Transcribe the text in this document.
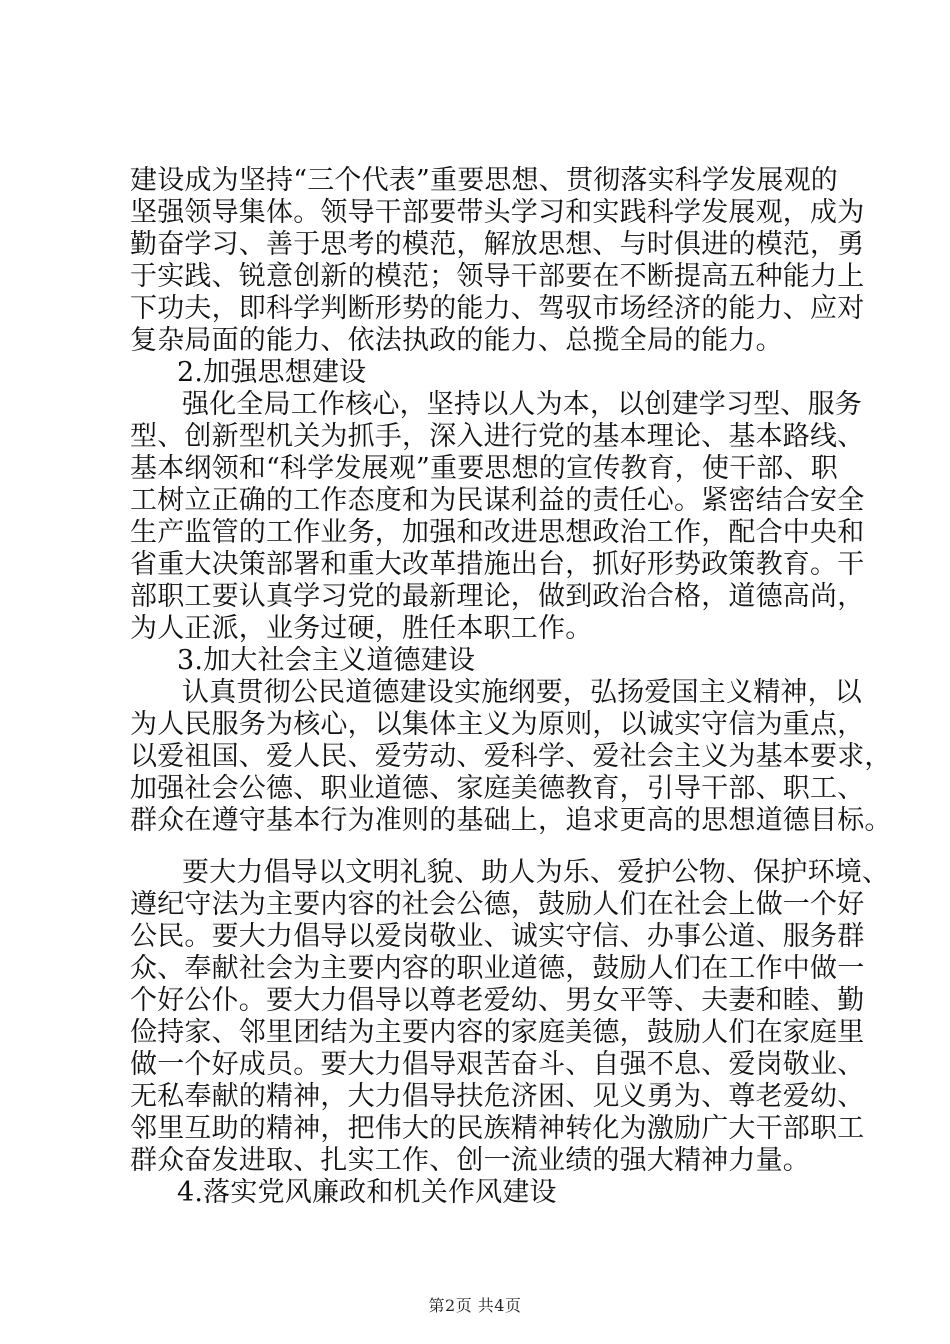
建设成为坚持“三个代表”重要思想、贯彻落实科学发展观的
坚强领导集体。领导干部要带头学习和实践科学发展观，成为
勤奋学习、善于思考的模范，解放思想、与时俱进的模范，勇
于实践、锐意创新的模范；领导干部要在不断提高五种能力上
下功夫，即科学判断形势的能力、驾驭市场经济的能力、应对
复杂局面的能力、依法执政的能力、总揽全局的能力。
2.加强思想建设
强化全局工作核心，坚持以人为本，以创建学习型、服务
型、创新型机关为抓手，深入进行党的基本理论、基本路线、
基本纲领和“科学发展观”重要思想的宣传教育，使干部、职
工树立正确的工作态度和为民谋利益的责任心。紧密结合安全
生产监管的工作业务，加强和改进思想政治工作，配合中央和
省重大决策部署和重大改革措施出台，抓好形势政策教育。干
部职工要认真学习党的最新理论，做到政治合格，道德高尚，
为人正派，业务过硬，胜任本职工作。
3.加大社会主义道德建设
认真贯彻公民道德建设实施纲要，弘扬爱国主义精神，以
为人民服务为核心，以集体主义为原则，以诚实守信为重点，
以爱祖国、爱人民、爱劳动、爱科学、爱社会主义为基本要求，
加强社会公德、职业道德、家庭美德教育，引导干部、职工、
群众在遵守基本行为准则的基础上，追求更高的思想道德目标。
要大力倡导以文明礼貌、助人为乐、爱护公物、保护环境、
遵纪守法为主要内容的社会公德，鼓励人们在社会上做一个好
公民。要大力倡导以爱岗敬业、诚实守信、办事公道、服务群
众、奉献社会为主要内容的职业道德，鼓励人们在工作中做一
个好公仆。要大力倡导以尊老爱幼、男女平等、夫妻和睦、勤
俭持家、邻里团结为主要内容的家庭美德，鼓励人们在家庭里
做一个好成员。要大力倡导艰苦奋斗、自强不息、爱岗敬业、
无私奉献的精神，大力倡导扶危济困、见义勇为、尊老爱幼、
第2页 共4页
邻里互助的精神，把伟大的民族精神转化为激励广大干部职工
群众奋发进取、扎实工作、创一流业绩的强大精神力量。
4.落实党风廉政和机关作风建设
